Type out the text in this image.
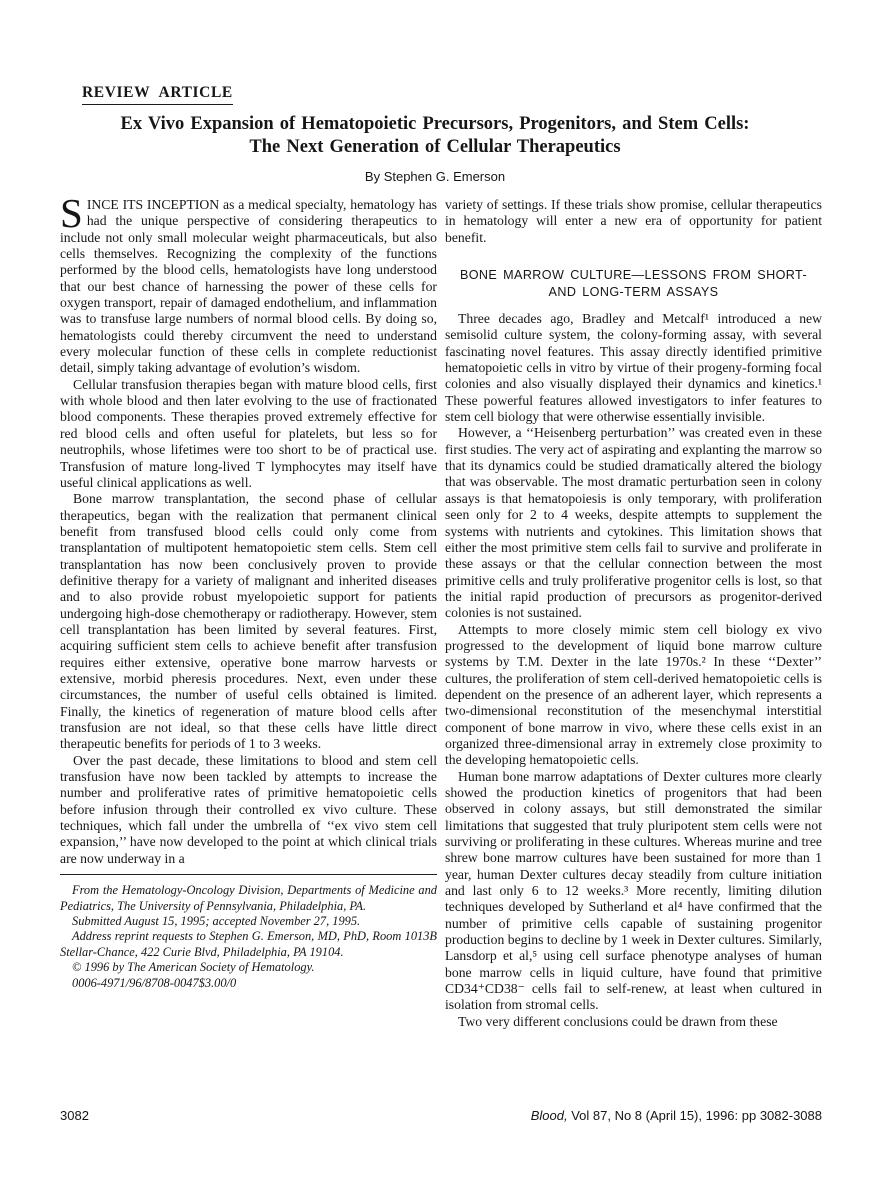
REVIEW ARTICLE
Ex Vivo Expansion of Hematopoietic Precursors, Progenitors, and Stem Cells: The Next Generation of Cellular Therapeutics
By Stephen G. Emerson

SINCE ITS INCEPTION as a medical specialty, hematology has had the unique perspective of considering therapeutics to include not only small molecular weight pharmaceuticals, but also cells themselves. Recognizing the complexity of the functions performed by the blood cells, hematologists have long understood that our best chance of harnessing the power of these cells for oxygen transport, repair of damaged endothelium, and inflammation was to transfuse large numbers of normal blood cells. By doing so, hematologists could thereby circumvent the need to understand every molecular function of these cells in complete reductionist detail, simply taking advantage of evolution’s wisdom.

Cellular transfusion therapies began with mature blood cells, first with whole blood and then later evolving to the use of fractionated blood components. These therapies proved extremely effective for red blood cells and often useful for platelets, but less so for neutrophils, whose lifetimes were too short to be of practical use. Transfusion of mature long-lived T lymphocytes may itself have useful clinical applications as well.

Bone marrow transplantation, the second phase of cellular therapeutics, began with the realization that permanent clinical benefit from transfused blood cells could only come from transplantation of multipotent hematopoietic stem cells. Stem cell transplantation has now been conclusively proven to provide definitive therapy for a variety of malignant and inherited diseases and to also provide robust myelopoietic support for patients undergoing high-dose chemotherapy or radiotherapy. However, stem cell transplantation has been limited by several features. First, acquiring sufficient stem cells to achieve benefit after transfusion requires either extensive, operative bone marrow harvests or extensive, morbid pheresis procedures. Next, even under these circumstances, the number of useful cells obtained is limited. Finally, the kinetics of regeneration of mature blood cells after transfusion are not ideal, so that these cells have little direct therapeutic benefits for periods of 1 to 3 weeks.

Over the past decade, these limitations to blood and stem cell transfusion have now been tackled by attempts to increase the number and proliferative rates of primitive hematopoietic cells before infusion through their controlled ex vivo culture. These techniques, which fall under the umbrella of ‘‘ex vivo stem cell expansion,’’ have now developed to the point at which clinical trials are now underway in a

From the Hematology-Oncology Division, Departments of Medicine and Pediatrics, The University of Pennsylvania, Philadelphia, PA.

Submitted August 15, 1995; accepted November 27, 1995.

Address reprint requests to Stephen G. Emerson, MD, PhD, Room 1013B Stellar-Chance, 422 Curie Blvd, Philadelphia, PA 19104.

© 1996 by The American Society of Hematology.

0006-4971/96/8708-0047$3.00/0

variety of settings. If these trials show promise, cellular therapeutics in hematology will enter a new era of opportunity for patient benefit.

BONE MARROW CULTURE—LESSONS FROM SHORT- AND LONG-TERM ASSAYS

Three decades ago, Bradley and Metcalf¹ introduced a new semisolid culture system, the colony-forming assay, with several fascinating novel features. This assay directly identified primitive hematopoietic cells in vitro by virtue of their progeny-forming focal colonies and also visually displayed their dynamics and kinetics.¹ These powerful features allowed investigators to infer features to stem cell biology that were otherwise essentially invisible.

However, a ‘‘Heisenberg perturbation’’ was created even in these first studies. The very act of aspirating and explanting the marrow so that its dynamics could be studied dramatically altered the biology that was observable. The most dramatic perturbation seen in colony assays is that hematopoiesis is only temporary, with proliferation seen only for 2 to 4 weeks, despite attempts to supplement the systems with nutrients and cytokines. This limitation shows that either the most primitive stem cells fail to survive and proliferate in these assays or that the cellular connection between the most primitive cells and truly proliferative progenitor cells is lost, so that the initial rapid production of precursors as progenitor-derived colonies is not sustained.

Attempts to more closely mimic stem cell biology ex vivo progressed to the development of liquid bone marrow culture systems by T.M. Dexter in the late 1970s.² In these ‘‘Dexter’’ cultures, the proliferation of stem cell-derived hematopoietic cells is dependent on the presence of an adherent layer, which represents a two-dimensional reconstitution of the mesenchymal interstitial component of bone marrow in vivo, where these cells exist in an organized three-dimensional array in extremely close proximity to the developing hematopoietic cells.

Human bone marrow adaptations of Dexter cultures more clearly showed the production kinetics of progenitors that had been observed in colony assays, but still demonstrated the similar limitations that suggested that truly pluripotent stem cells were not surviving or proliferating in these cultures. Whereas murine and tree shrew bone marrow cultures have been sustained for more than 1 year, human Dexter cultures decay steadily from culture initiation and last only 6 to 12 weeks.³ More recently, limiting dilution techniques developed by Sutherland et al⁴ have confirmed that the number of primitive cells capable of sustaining progenitor production begins to decline by 1 week in Dexter cultures. Similarly, Lansdorp et al,⁵ using cell surface phenotype analyses of human bone marrow cells in liquid culture, have found that primitive CD34⁺CD38⁻ cells fail to self-renew, at least when cultured in isolation from stromal cells.

Two very different conclusions could be drawn from these

3082	Blood, Vol 87, No 8 (April 15), 1996: pp 3082-3088
